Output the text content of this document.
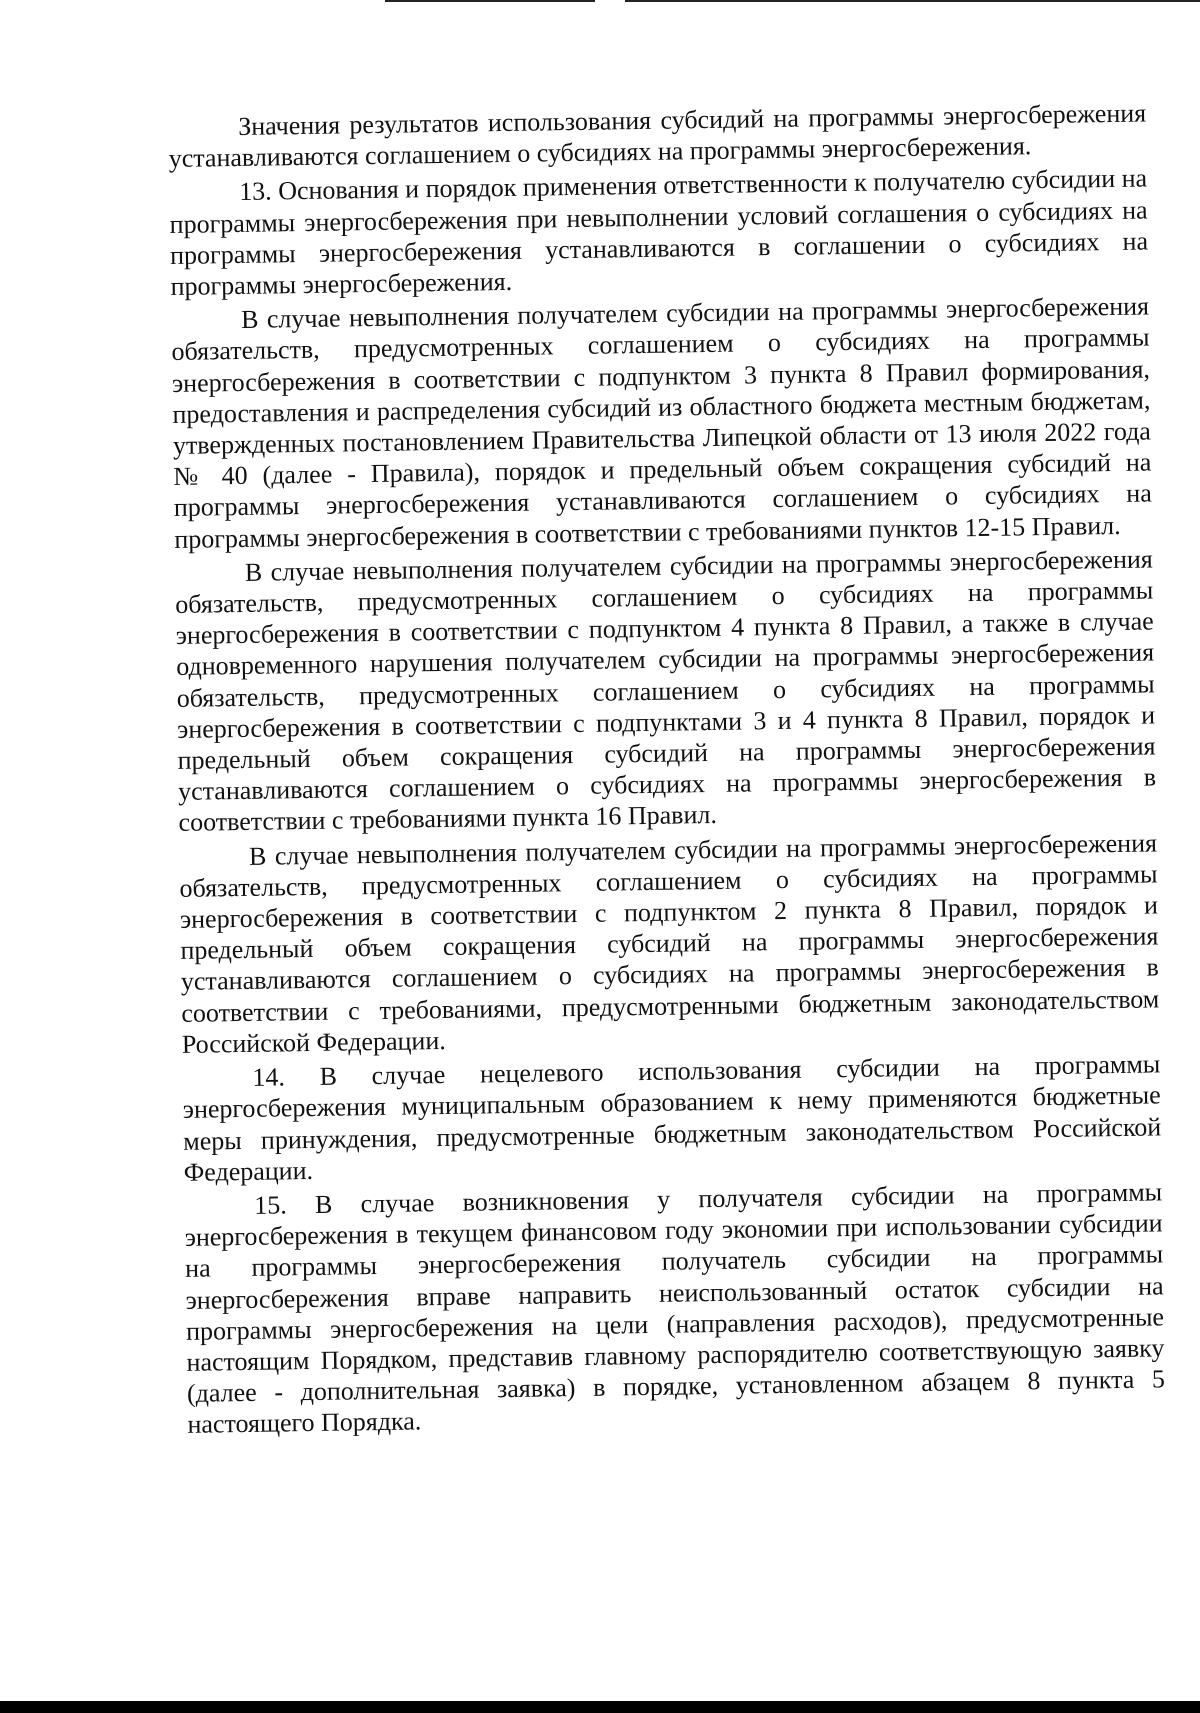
Значения результатов использования субсидий на программы энергосбережения устанавливаются соглашением о субсидиях на программы энергосбережения.

13. Основания и порядок применения ответственности к получателю субсидии на программы энергосбережения при невыполнении условий соглашения о субсидиях на программы энергосбережения устанавливаются в соглашении о субсидиях на программы энергосбережения.

В случае невыполнения получателем субсидии на программы энергосбережения обязательств, предусмотренных соглашением о субсидиях на программы энергосбережения в соответствии с подпунктом 3 пункта 8 Правил формирования, предоставления и распределения субсидий из областного бюджета местным бюджетам, утвержденных постановлением Правительства Липецкой области от 13 июля 2022 года № 40 (далее - Правила), порядок и предельный объем сокращения субсидий на программы энергосбережения устанавливаются соглашением о субсидиях на программы энергосбережения в соответствии с требованиями пунктов 12-15 Правил.

В случае невыполнения получателем субсидии на программы энергосбережения обязательств, предусмотренных соглашением о субсидиях на программы энергосбережения в соответствии с подпунктом 4 пункта 8 Правил, а также в случае одновременного нарушения получателем субсидии на программы энергосбережения обязательств, предусмотренных соглашением о субсидиях на программы энергосбережения в соответствии с подпунктами 3 и 4 пункта 8 Правил, порядок и предельный объем сокращения субсидий на программы энергосбережения устанавливаются соглашением о субсидиях на программы энергосбережения в соответствии с требованиями пункта 16 Правил.

В случае невыполнения получателем субсидии на программы энергосбережения обязательств, предусмотренных соглашением о субсидиях на программы энергосбережения в соответствии с подпунктом 2 пункта 8 Правил, порядок и предельный объем сокращения субсидий на программы энергосбережения устанавливаются соглашением о субсидиях на программы энергосбережения в соответствии с требованиями, предусмотренными бюджетным законодательством Российской Федерации.

14. В случае нецелевого использования субсидии на программы энергосбережения муниципальным образованием к нему применяются бюджетные меры принуждения, предусмотренные бюджетным законодательством Российской Федерации.

15. В случае возникновения у получателя субсидии на программы энергосбережения в текущем финансовом году экономии при использовании субсидии на программы энергосбережения получатель субсидии на программы энергосбережения вправе направить неиспользованный остаток субсидии на программы энергосбережения на цели (направления расходов), предусмотренные настоящим Порядком, представив главному распорядителю соответствующую заявку (далее - дополнительная заявка) в порядке, установленном абзацем 8 пункта 5 настоящего Порядка.
